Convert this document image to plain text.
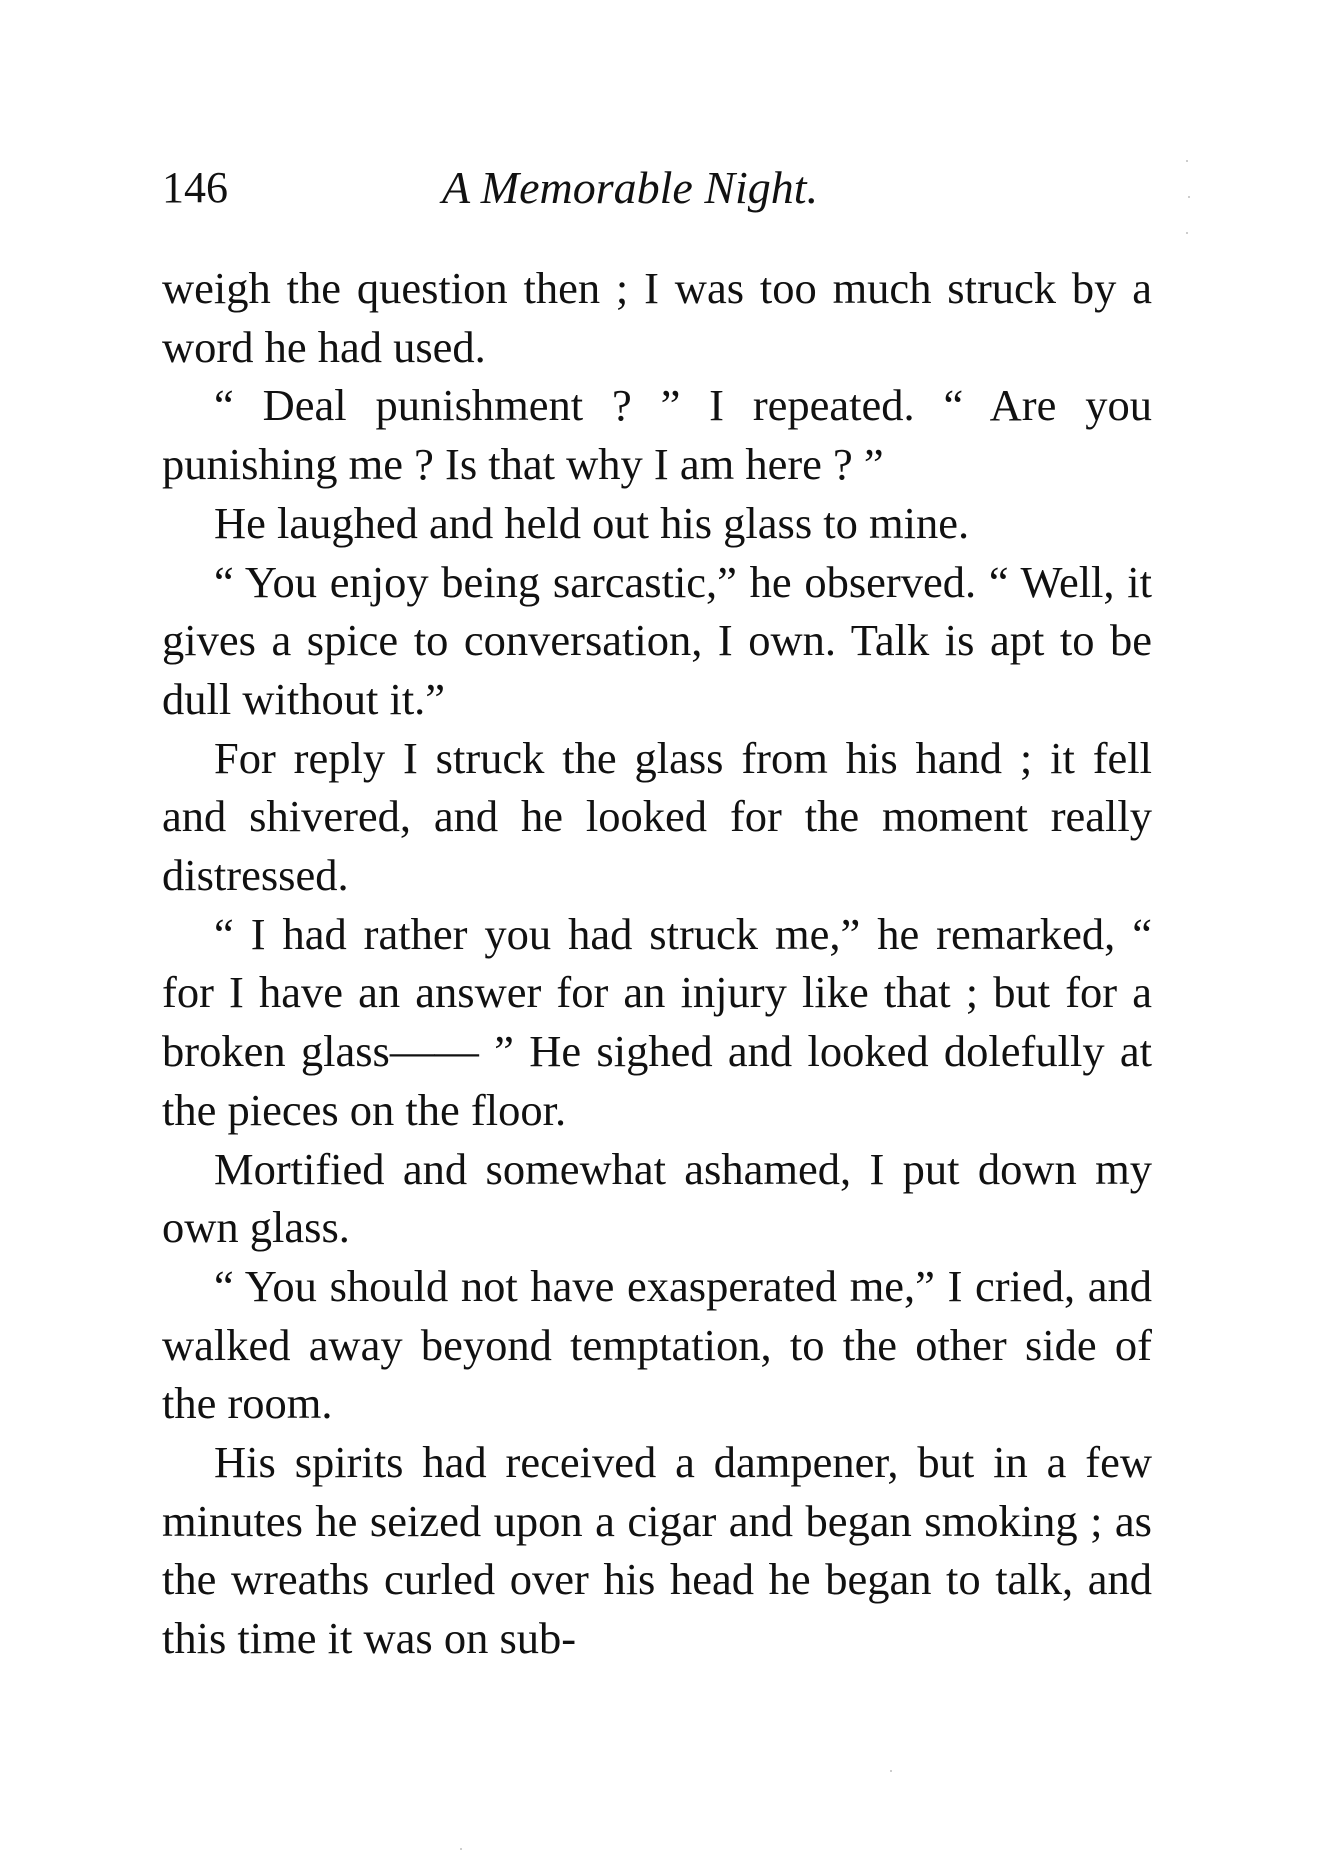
146	A Memorable Night.

weigh the question then ; I was too much struck by a word he had used.

“ Deal punishment ? ” I repeated. “ Are you punishing me ? Is that why I am here ? ”

He laughed and held out his glass to mine.

“ You enjoy being sarcastic,” he observed. “ Well, it gives a spice to conversation, I own. Talk is apt to be dull without it.”

For reply I struck the glass from his hand ; it fell and shivered, and he looked for the moment really distressed.

“ I had rather you had struck me,” he remarked, “ for I have an answer for an injury like that ; but for a broken glass—— ” He sighed and looked dolefully at the pieces on the floor.

Mortified and somewhat ashamed, I put down my own glass.

“ You should not have exasperated me,” I cried, and walked away beyond temptation, to the other side of the room.

His spirits had received a dampener, but in a few minutes he seized upon a cigar and began smoking ; as the wreaths curled over his head he began to talk, and this time it was on sub-
